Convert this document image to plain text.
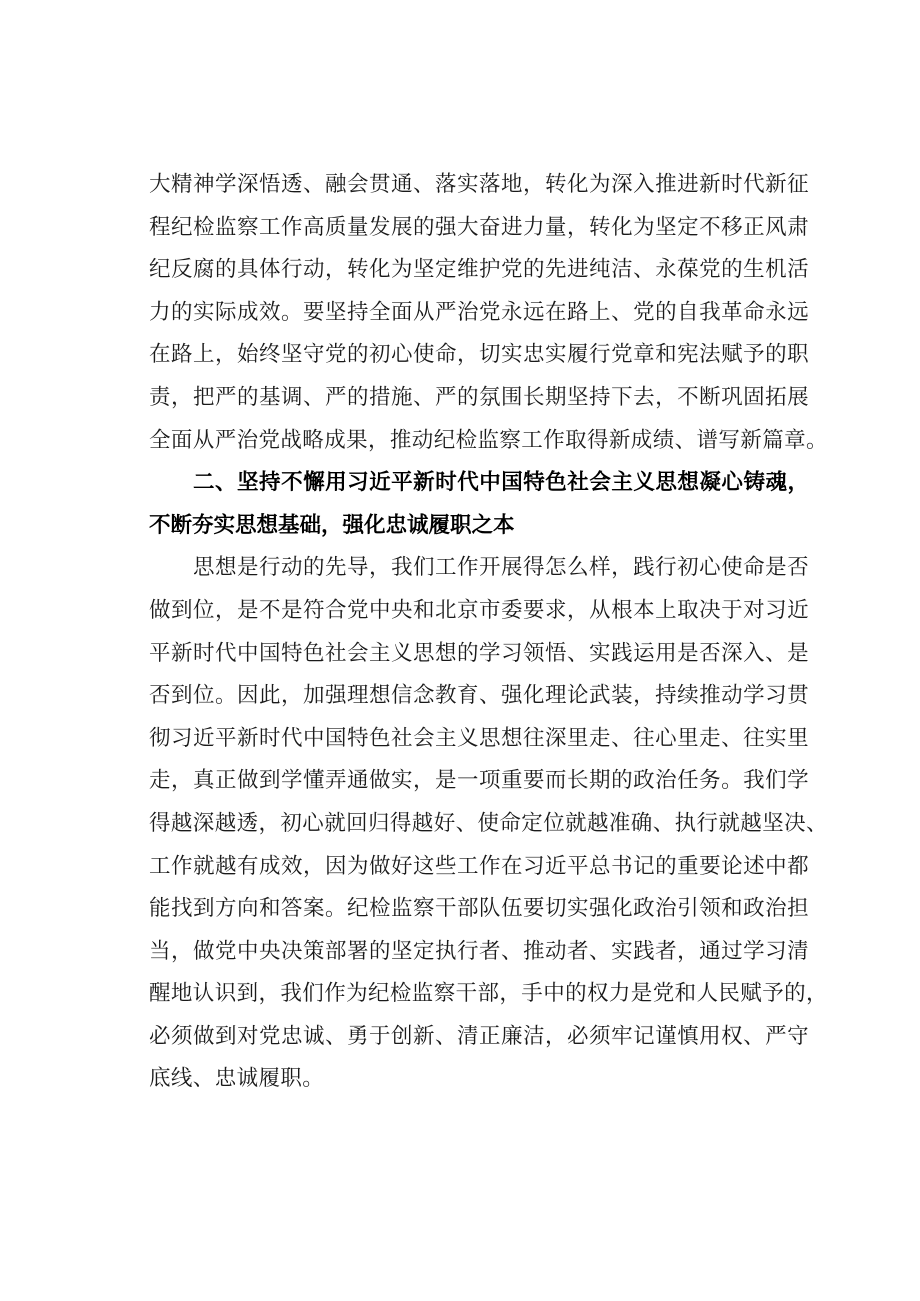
大精神学深悟透、融会贯通、落实落地，转化为深入推进新时代新征
程纪检监察工作高质量发展的强大奋进力量，转化为坚定不移正风肃
纪反腐的具体行动，转化为坚定维护党的先进纯洁、永葆党的生机活
力的实际成效。要坚持全面从严治党永远在路上、党的自我革命永远
在路上，始终坚守党的初心使命，切实忠实履行党章和宪法赋予的职
责，把严的基调、严的措施、严的氛围长期坚持下去，不断巩固拓展
全面从严治党战略成果，推动纪检监察工作取得新成绩、谱写新篇章。
二、坚持不懈用习近平新时代中国特色社会主义思想凝心铸魂，
不断夯实思想基础，强化忠诚履职之本
思想是行动的先导，我们工作开展得怎么样，践行初心使命是否
做到位，是不是符合党中央和北京市委要求，从根本上取决于对习近
平新时代中国特色社会主义思想的学习领悟、实践运用是否深入、是
否到位。因此，加强理想信念教育、强化理论武装，持续推动学习贯
彻习近平新时代中国特色社会主义思想往深里走、往心里走、往实里
走，真正做到学懂弄通做实，是一项重要而长期的政治任务。我们学
得越深越透，初心就回归得越好、使命定位就越准确、执行就越坚决、
工作就越有成效，因为做好这些工作在习近平总书记的重要论述中都
能找到方向和答案。纪检监察干部队伍要切实强化政治引领和政治担
当，做党中央决策部署的坚定执行者、推动者、实践者，通过学习清
醒地认识到，我们作为纪检监察干部，手中的权力是党和人民赋予的，
必须做到对党忠诚、勇于创新、清正廉洁，必须牢记谨慎用权、严守
底线、忠诚履职。
